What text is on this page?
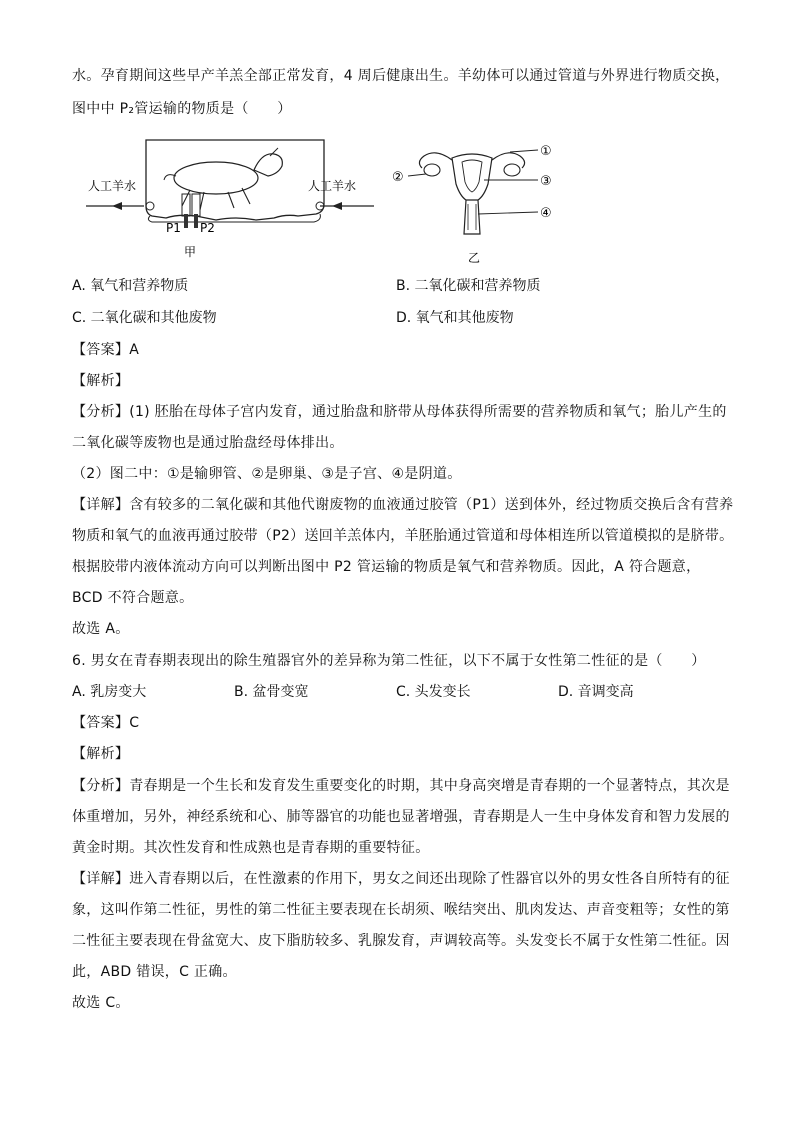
水。孕育期间这些早产羊羔全部正常发育，4 周后健康出生。羊幼体可以通过管道与外界进行物质交换，
图中中 P₂管运输的物质是（　　）
人工羊水	人工羊水
P1 P2
甲
①
②	③
④
乙
A. 氧气和营养物质	B. 二氧化碳和营养物质
C. 二氧化碳和其他废物	D. 氧气和其他废物
【答案】A
【解析】
【分析】(1) 胚胎在母体子宫内发育，通过胎盘和脐带从母体获得所需要的营养物质和氧气；胎儿产生的
二氧化碳等废物也是通过胎盘经母体排出。
（2）图二中：①是输卵管、②是卵巢、③是子宫、④是阴道。
【详解】含有较多的二氧化碳和其他代谢废物的血液通过胶管（P1）送到体外，经过物质交换后含有营养
物质和氧气的血液再通过胶带（P2）送回羊羔体内，羊胚胎通过管道和母体相连所以管道模拟的是脐带。
根据胶带内液体流动方向可以判断出图中 P2 管运输的物质是氧气和营养物质。因此，A 符合题意，
BCD 不符合题意。
故选 A。
6. 男女在青春期表现出的除生殖器官外的差异称为第二性征，以下不属于女性第二性征的是（　　）
A. 乳房变大	B. 盆骨变宽	C. 头发变长	D. 音调变高
【答案】C
【解析】
【分析】青春期是一个生长和发育发生重要变化的时期，其中身高突增是青春期的一个显著特点，其次是
体重增加，另外，神经系统和心、肺等器官的功能也显著增强，青春期是人一生中身体发育和智力发展的
黄金时期。其次性发育和性成熟也是青春期的重要特征。
【详解】进入青春期以后，在性激素的作用下，男女之间还出现除了性器官以外的男女性各自所特有的征
象，这叫作第二性征，男性的第二性征主要表现在长胡须、喉结突出、肌肉发达、声音变粗等；女性的第
二性征主要表现在骨盆宽大、皮下脂肪较多、乳腺发育，声调较高等。头发变长不属于女性第二性征。因
此，ABD 错误，C 正确。
故选 C。
